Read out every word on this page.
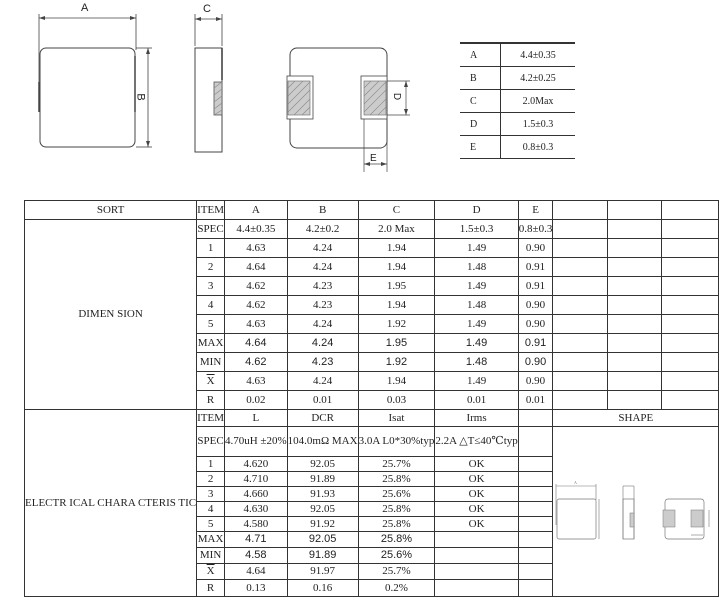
A
B
C
D
E
A	4.4±0.35
B	4.2±0.25
C	2.0Max
D	1.5±0.3
E	0.8±0.3
SORT	ITEM	A	B	C	D	E			
DIMEN SION	SPEC	4.4±0.35	4.2±0.2	2.0 Max	1.5±0.3	0.8±0.3			
	1	4.63	4.24	1.94	1.49	0.90			
	2	4.64	4.24	1.94	1.48	0.91			
	3	4.62	4.23	1.95	1.49	0.91			
	4	4.62	4.23	1.94	1.48	0.90			
	5	4.63	4.24	1.92	1.49	0.90			
	MAX	4.64	4.24	1.95	1.49	0.91			
	MIN	4.62	4.23	1.92	1.48	0.90			
	$\overline{X}$	4.63	4.24	1.94	1.49	0.90			
	R	0.02	0.01	0.03	0.01	0.01			
ELECTR ICAL CHARA CTERIS TIC	ITEM	L	DCR	Isat	Irms		SHAPE		
	SPEC	4.70uH ±20%	104.0mΩ MAX	3.0A L0*30%typ	2.2A △T≤40℃typ		A		

	1	4.620	92.05	25.7%	OK				
	2	4.710	91.89	25.8%	OK				
	3	4.660	91.93	25.6%	OK				
	4	4.630	92.05	25.8%	OK				
	5	4.580	91.92	25.8%	OK				
	MAX	4.71	92.05	25.8%					
	MIN	4.58	91.89	25.6%					
	$\overline{X}$	4.64	91.97	25.7%					
	R	0.13	0.16	0.2%					
